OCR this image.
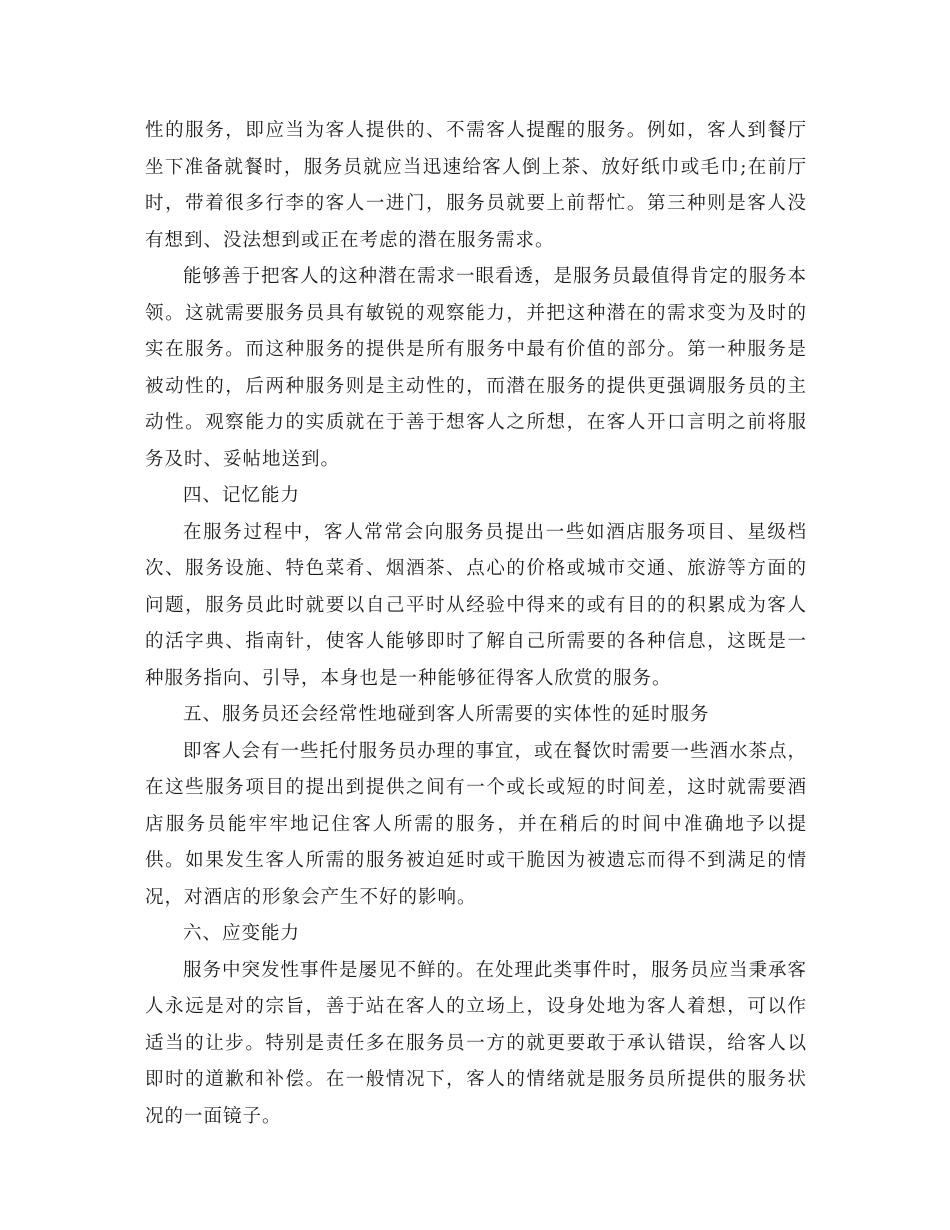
性的服务，即应当为客人提供的、不需客人提醒的服务。例如，客人到餐厅坐下准备就餐时，服务员就应当迅速给客人倒上茶、放好纸巾或毛巾;在前厅时，带着很多行李的客人一进门，服务员就要上前帮忙。第三种则是客人没有想到、没法想到或正在考虑的潜在服务需求。

能够善于把客人的这种潜在需求一眼看透，是服务员最值得肯定的服务本领。这就需要服务员具有敏锐的观察能力，并把这种潜在的需求变为及时的实在服务。而这种服务的提供是所有服务中最有价值的部分。第一种服务是被动性的，后两种服务则是主动性的，而潜在服务的提供更强调服务员的主动性。观察能力的实质就在于善于想客人之所想，在客人开口言明之前将服务及时、妥帖地送到。

四、记忆能力

在服务过程中，客人常常会向服务员提出一些如酒店服务项目、星级档次、服务设施、特色菜肴、烟酒茶、点心的价格或城市交通、旅游等方面的问题，服务员此时就要以自己平时从经验中得来的或有目的的积累成为客人的活字典、指南针，使客人能够即时了解自己所需要的各种信息，这既是一种服务指向、引导，本身也是一种能够征得客人欣赏的服务。

五、服务员还会经常性地碰到客人所需要的实体性的延时服务

即客人会有一些托付服务员办理的事宜，或在餐饮时需要一些酒水茶点，在这些服务项目的提出到提供之间有一个或长或短的时间差，这时就需要酒店服务员能牢牢地记住客人所需的服务，并在稍后的时间中准确地予以提供。如果发生客人所需的服务被迫延时或干脆因为被遗忘而得不到满足的情况，对酒店的形象会产生不好的影响。

六、应变能力

服务中突发性事件是屡见不鲜的。在处理此类事件时，服务员应当秉承客人永远是对的宗旨，善于站在客人的立场上，设身处地为客人着想，可以作适当的让步。特别是责任多在服务员一方的就更要敢于承认错误，给客人以即时的道歉和补偿。在一般情况下，客人的情绪就是服务员所提供的服务状况的一面镜子。
